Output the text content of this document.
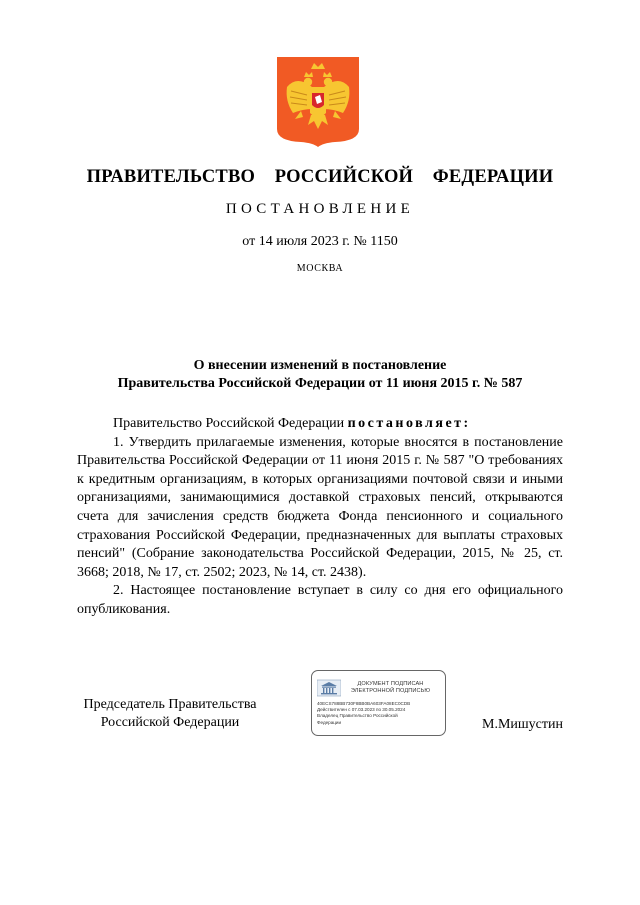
ПРАВИТЕЛЬСТВО  РОССИЙСКОЙ  ФЕДЕРАЦИИ
ПОСТАНОВЛЕНИЕ
от 14 июля 2023 г. № 1150
МОСКВА
О внесении изменений в постановление
Правительства Российской Федерации от 11 июня 2015 г. № 587

Правительство Российской Федерации постановляет:

1. Утвердить прилагаемые изменения, которые вносятся в постановление Правительства Российской Федерации от 11 июня 2015 г. № 587 "О требованиях к кредитным организациям, в которых организациями почтовой связи и иными организациями, занимающимися доставкой страховых пенсий, открываются счета для зачисления средств бюджета Фонда пенсионного и социального страхования Российской Федерации, предназначенных для выплаты страховых пенсий" (Собрание законодательства Российской Федерации, 2015, № 25, ст. 3668; 2018, № 17, ст. 2502; 2023, № 14, ст. 2438).

2. Настоящее постановление вступает в силу со дня его официального опубликования.

Председатель Правительства
Российской Федерации	М.Мишустин
ДОКУМЕНТ ПОДПИСАН
ЭЛЕКТРОННОЙ ПОДПИСЬЮ
40ECS788BB730F8BB0BA603FA08EC0CDB
Действителен с 07.03.2023 по 30.05.2024
Владелец Правительство Российской
Федерации
